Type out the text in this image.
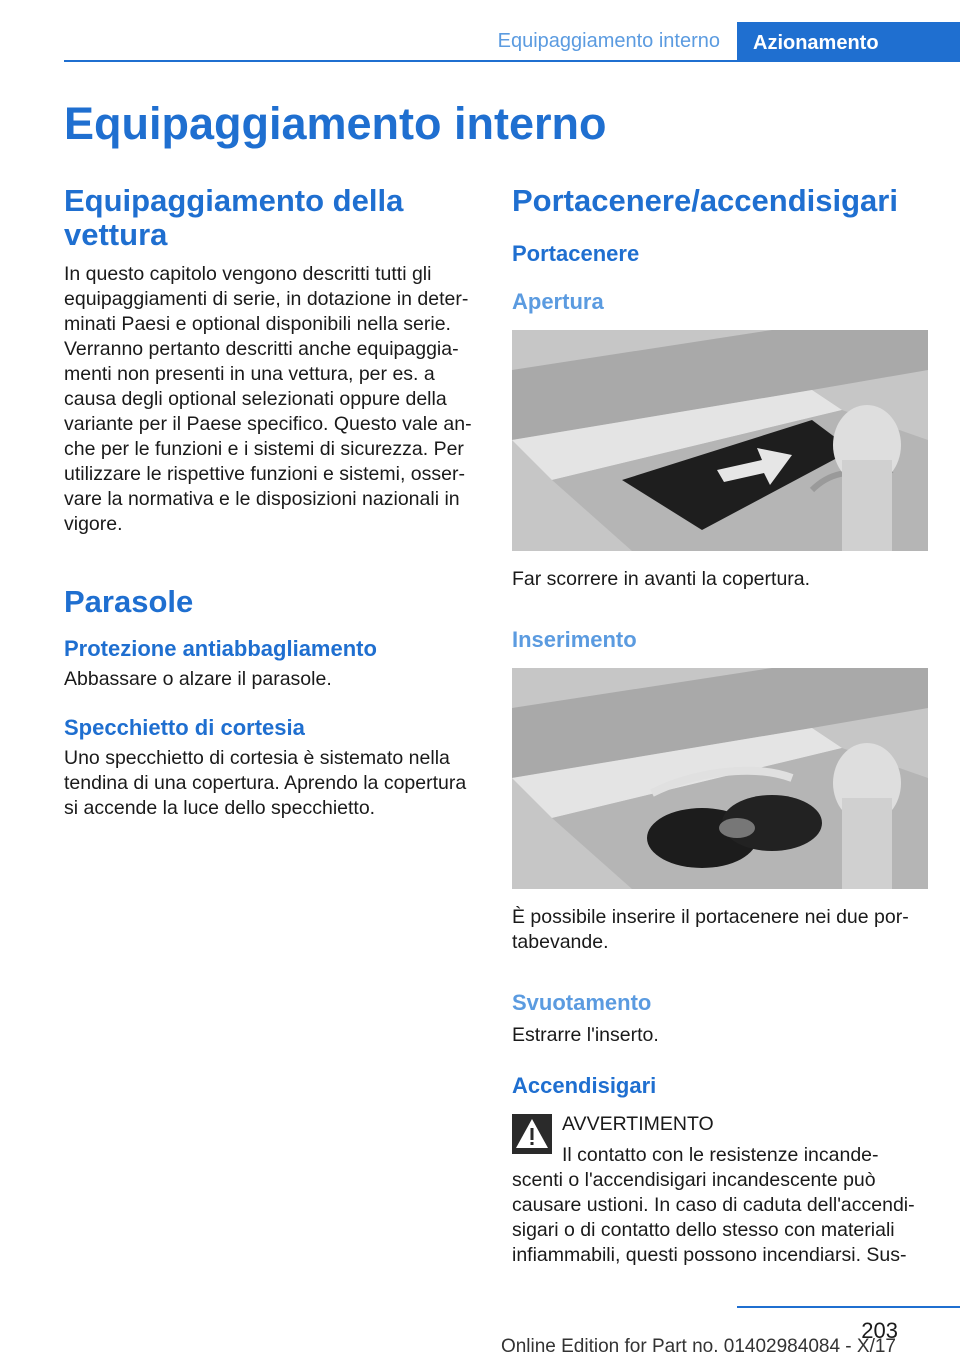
Equipaggiamento interno	Azionamento
Equipaggiamento interno
Equipaggiamento della vettura

In questo capitolo vengono descritti tutti gli equipaggiamenti di serie, in dotazione in determinati Paesi e optional disponibili nella serie. Verranno pertanto descritti anche equipaggiamenti non presenti in una vettura, per es. a causa degli optional selezionati oppure della variante per il Paese specifico. Questo vale anche per le funzioni e i sistemi di sicurezza. Per utilizzare le rispettive funzioni e sistemi, osservare la normativa e le disposizioni nazionali in vigore.

Parasole
Protezione antiabbagliamento

Abbassare o alzare il parasole.

Specchietto di cortesia

Uno specchietto di cortesia è sistemato nella tendina di una copertura. Aprendo la copertura si accende la luce dello specchietto.

Portacenere/accendisigari
Portacenere
Apertura

Far scorrere in avanti la copertura.

Inserimento

È possibile inserire il portacenere nei due portabevande.

Svuotamento

Estrarre l'inserto.

Accendisigari

AVVERTIMENTO

Il contatto con le resistenze incande-

scenti o l'accendisigari incandescente può causare ustioni. In caso di caduta dell'accendisigari o di contatto dello stesso con materiali infiammabili, questi possono incendiarsi. Sus-

203
Online Edition for Part no. 01402984084 - X/17
